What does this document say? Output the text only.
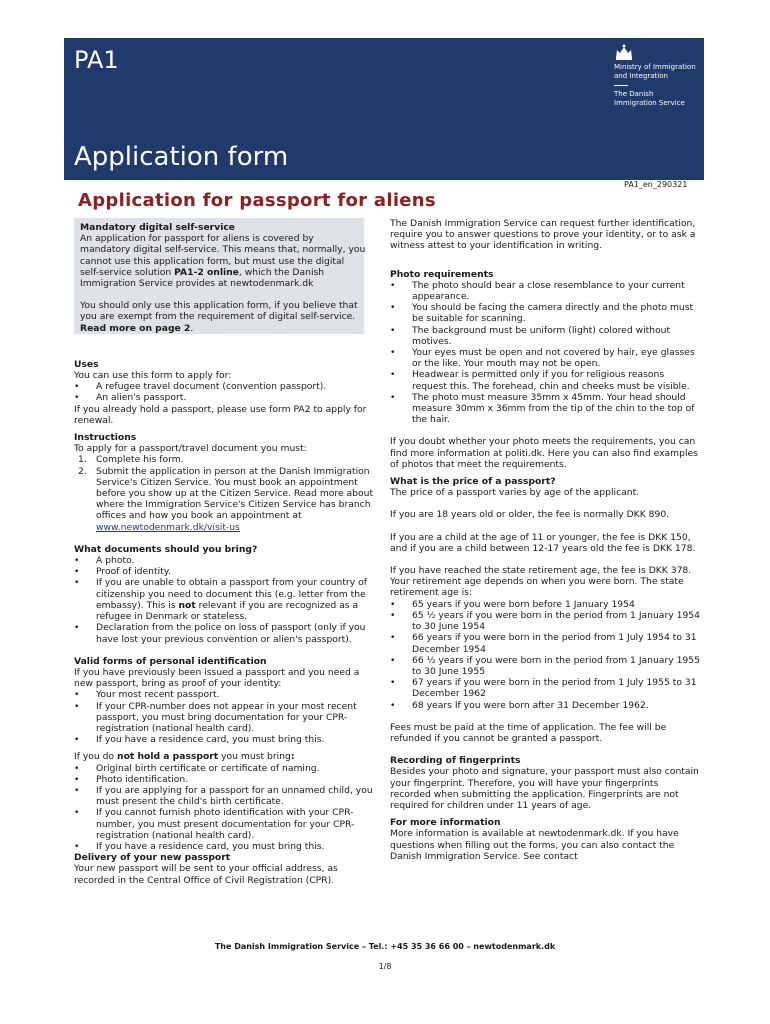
PA1
Application form

Ministry of Immigration

and Integration

The Danish

Immigration Service

PA1_en_290321
Application for passport for aliens

Mandatory digital self-service

An application for passport for aliens is covered by mandatory digital self-service. This means that, normally, you cannot use this application form, but must use the digital self-service solution PA1-2 online, which the Danish Immigration Service provides at newtodenmark.dk

You should only use this application form, if you believe that you are exempt from the requirement of digital self-service. Read more on page 2.

Uses

You can use this form to apply for:

• A refugee travel document (convention passport).
• An alien's passport.

If you already hold a passport, please use form PA2 to apply for renewal.

Instructions

To apply for a passport/travel document you must:

1. Complete his form.
2. Submit the application in person at the Danish Immigration Service's Citizen Service. You must book an appointment before you show up at the Citizen Service. Read more about where the Immigration Service's Citizen Service has branch offices and how you book an appointment at www.newtodenmark.dk/visit-us

What documents should you bring?

• A photo.
• Proof of identity.
• If you are unable to obtain a passport from your country of citizenship you need to document this (e.g. letter from the embassy). This is not relevant if you are recognized as a refugee in Denmark or stateless.
• Declaration from the police on loss of passport (only if you have lost your previous convention or alien's passport).

Valid forms of personal identification

If you have previously been issued a passport and you need a new passport, bring as proof of your identity:

• Your most recent passport.
• If your CPR-number does not appear in your most recent passport, you must bring documentation for your CPR-registration (national health card).
• If you have a residence card, you must bring this.

If you do not hold a passport you must bring:

• Original birth certificate or certificate of naming.
• Photo identification.
• If you are applying for a passport for an unnamed child, you must present the child's birth certificate.
• If you cannot furnish photo identification with your CPR-number, you must present documentation for your CPR-registration (national health card).
• If you have a residence card, you must bring this.

Delivery of your new passport

Your new passport will be sent to your official address, as recorded in the Central Office of Civil Registration (CPR).

The Danish Immigration Service can request further identification, require you to answer questions to prove your identity, or to ask a witness attest to your identification in writing.

Photo requirements

• The photo should bear a close resemblance to your current appearance.
• You should be facing the camera directly and the photo must be suitable for scanning.
• The background must be uniform (light) colored without motives.
• Your eyes must be open and not covered by hair, eye glasses or the like. Your mouth may not be open.
• Headwear is permitted only if you for religious reasons request this. The forehead, chin and cheeks must be visible.
• The photo must measure 35mm x 45mm. Your head should measure 30mm x 36mm from the tip of the chin to the top of the hair.

If you doubt whether your photo meets the requirements, you can find more information at politi.dk. Here you can also find examples of photos that meet the requirements.

What is the price of a passport?

The price of a passport varies by age of the applicant.

If you are 18 years old or older, the fee is normally DKK 890.

If you are a child at the age of 11 or younger, the fee is DKK 150, and if you are a child between 12-17 years old the fee is DKK 178.

If you have reached the state retirement age, the fee is DKK 378. Your retirement age depends on when you were born. The state retirement age is:

• 65 years if you were born before 1 January 1954
• 65 ½ years if you were born in the period from 1 January 1954 to 30 June 1954
• 66 years if you were born in the period from 1 July 1954 to 31 December 1954
• 66 ½ years if you were born in the period from 1 January 1955 to 30 June 1955
• 67 years if you were born in the period from 1 July 1955 to 31 December 1962
• 68 years If you were born after 31 December 1962.

Fees must be paid at the time of application. The fee will be refunded if you cannot be granted a passport.

Recording of fingerprints

Besides your photo and signature, your passport must also contain your fingerprint. Therefore, you will have your fingerprints recorded when submitting the application. Fingerprints are not required for children under 11 years of age.

For more information

More information is available at newtodenmark.dk. If you have questions when filling out the forms, you can also contact the Danish Immigration Service. See contact

The Danish Immigration Service – Tel.: +45 35 36 66 00 – newtodenmark.dk
1/8
